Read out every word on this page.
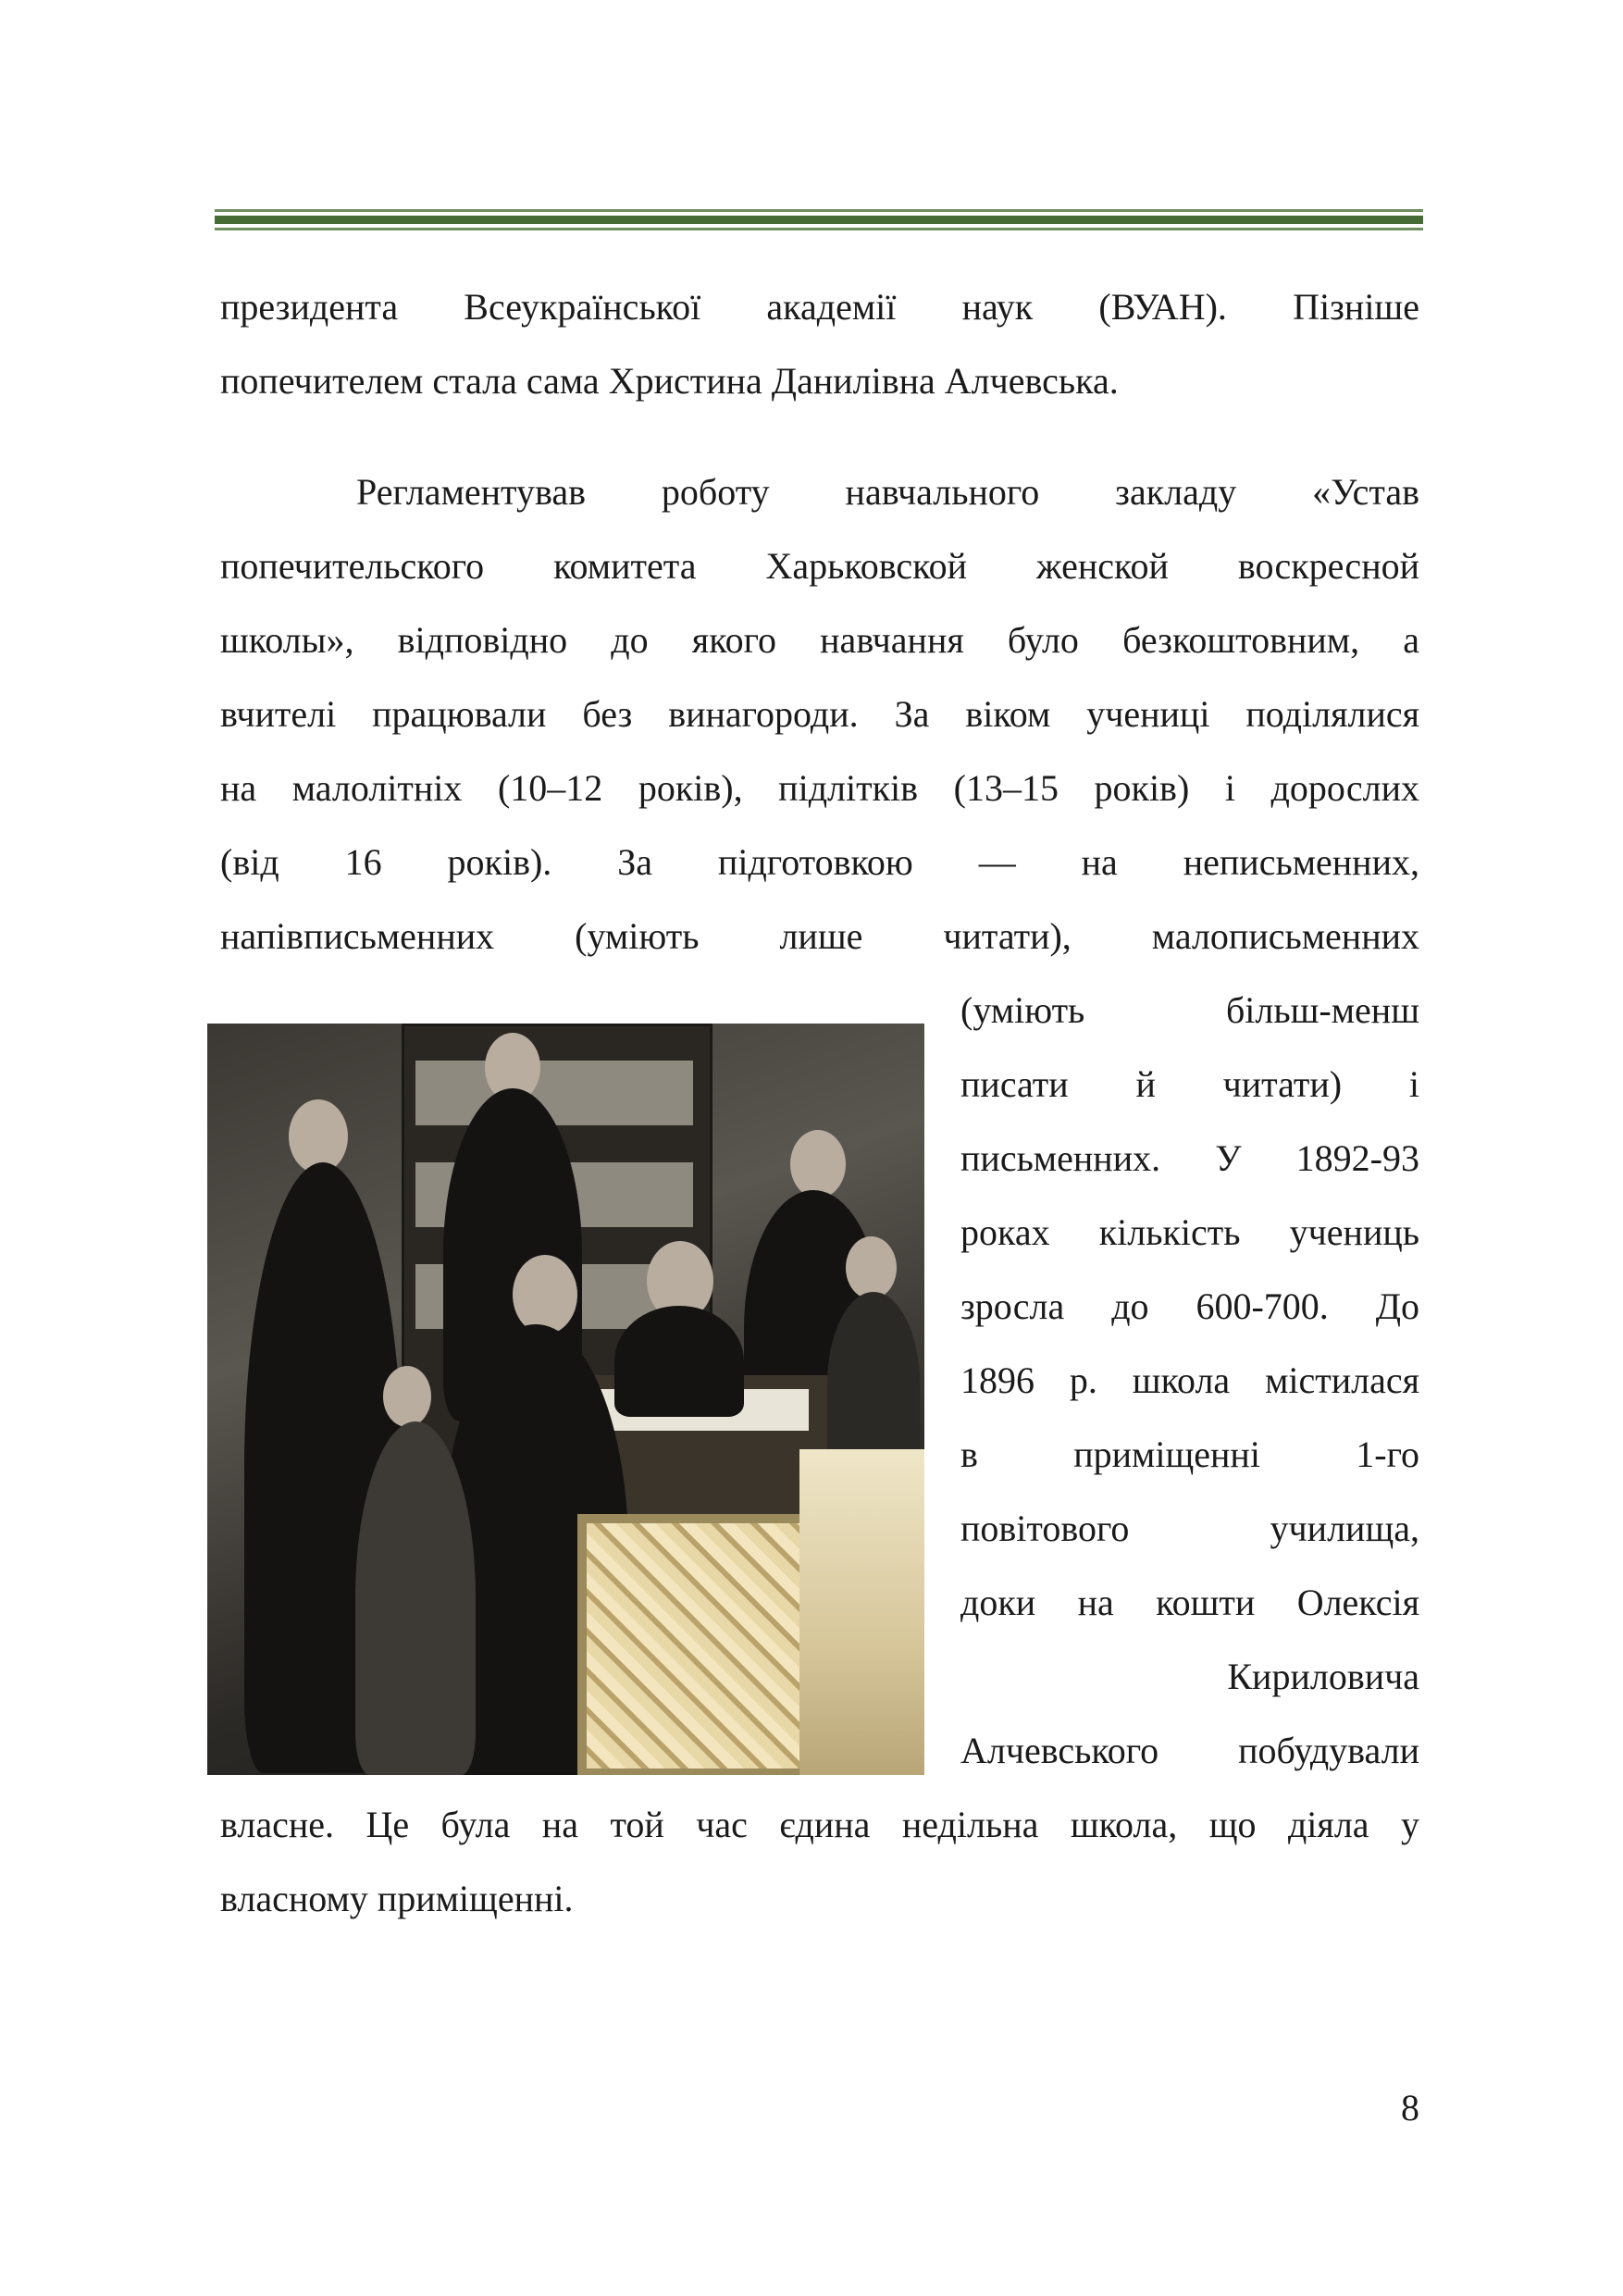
президента Всеукраїнської академії наук (ВУАН). Пізніше

попечителем стала сама Христина Данилівна Алчевська.

Регламентував роботу навчального закладу «Устав

попечительского комитета Харьковской женской воскресной

школы», відповідно до якого навчання було безкоштовним, а

вчителі працювали без винагороди. За віком учениці поділялися

на малолітніх (10–12 років), підлітків (13–15 років) і дорослих

(від 16 років). За підготовкою — на неписьменних,

напівписьменних (уміють лише читати), малописьменних

(уміють більш-менш

писати й читати) і

письменних. У 1892-93

роках кількість учениць

зросла до 600-700. До

1896 р. школа містилася

в приміщенні 1-го

повітового училища,

доки на кошти Олексія

Кириловича

Алчевського побудували

власне. Це була на той час єдина недільна школа, що діяла у

власному приміщенні.

8
